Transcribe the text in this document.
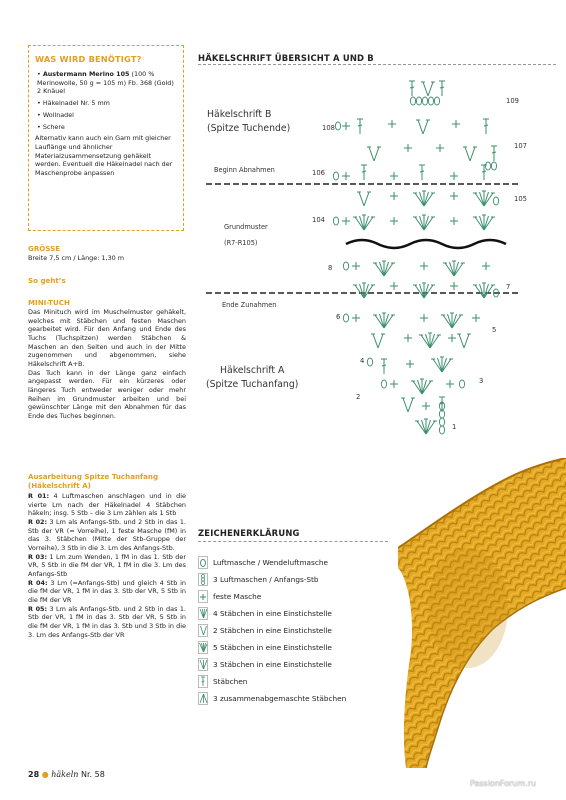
WAS WIRD BENÖTIGT?
• Austermann Merino 105 (100 % Merinowolle, 50 g = 105 m) Fb. 368 (Gold) 2 Knäuel
• Häkelnadel Nr. 5 mm
• Wollnadel
• Schere
Alternativ kann auch ein Garn mit gleicher Lauflänge und ähnlicher Materialzusammensetzung gehäkelt werden. Eventuell die Häkelnadel nach der Maschenprobe anpassen
GRÖSSE
Breite 7,5 cm / Länge: 1,30 m
So geht’s
MINI-TUCH
Das Minituch wird im Muschelmuster gehäkelt, welches mit Stäbchen und festen Maschen gearbeitet wird. Für den Anfang und Ende des Tuchs (Tuchspitzen) werden Stäbchen & Maschen an den Seiten und auch in der Mitte zugenommen und abgenommen, siehe Häkelschrift A+B.
Das Tuch kann in der Länge ganz einfach angepasst werden. Für ein kürzeres oder längeres Tuch entweder weniger oder mehr Reihen im Grundmuster arbeiten und bei gewünschter Länge mit den Abnahmen für das Ende des Tuches beginnen.
Ausarbeitung Spitze Tuchanfang (Häkelschrift A)
R 01: 4 Luftmaschen anschlagen und in die vierte Lm nach der Häkelnadel 4 Stäbchen häkeln; insg. 5 Stb – die 3 Lm zählen als 1 Stb
R 02: 3 Lm als Anfangs-Stb. und 2 Stb in das 1. Stb der VR (= Vorreihe), 1 feste Masche (fM) in das 3. Stäbchen (Mitte der Stb-Gruppe der Vorreihe), 3 Stb in die 3. Lm des Anfangs-Stb.
R 03: 1 Lm zum Wenden, 1 fM in das 1. Stb der VR, 5 Stb in die fM der VR, 1 fM in die 3. Lm des Anfangs-Stb
R 04: 3 Lm (=Anfangs-Stb) und gleich 4 Stb in die fM der VR, 1 fM in das 3. Stb der VR, 5 Stb in die fM der VR
R 05: 3 Lm als Anfangs-Stb. und 2 Stb in das 1. Stb der VR, 1 fM in das 3. Stb der VR, 5 Stb in die fM der VR, 1 fM in das 3. Stb und 3 Stb in die 3. Lm des Anfangs-Stb der VR
HÄKELSCHRIFT ÜBERSICHT A UND B
Häkelschrift B
(Spitze Tuchende)
Beginn Abnahmen
Grundmuster
(R7-R105)
Ende Zunahmen
Häkelschrift A
(Spitze Tuchanfang)
109
108
107
106
105
104
8
7
6
5
4
3
2
1
ZEICHENERKLÄRUNG
Luftmasche / Wendeluftmasche
3 Luftmaschen / Anfangs-Stb
feste Masche
4 Stäbchen in eine Einstichstelle
2 Stäbchen in eine Einstichstelle
5 Stäbchen in eine Einstichstelle
3 Stäbchen in eine Einstichstelle
Stäbchen
3 zusammenabgemaschte Stäbchen
28 ● häkeln Nr. 58
PassionForum.ru
